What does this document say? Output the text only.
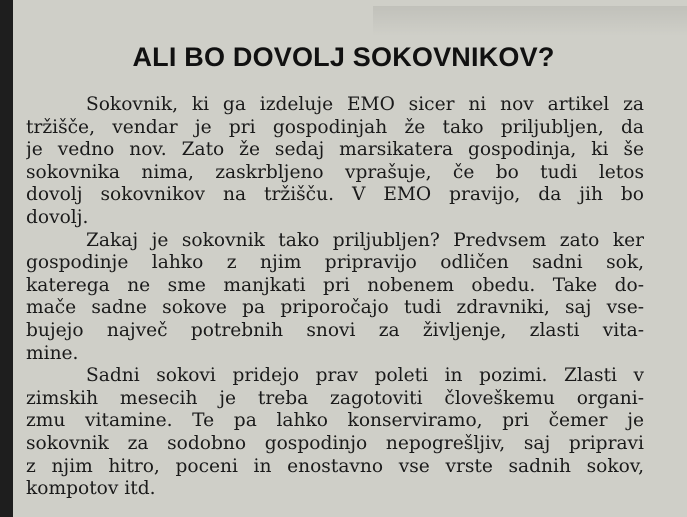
ALI BO DOVOLJ SOKOVNIKOV?
Sokovnik, ki ga izdeluje EMO sicer ni nov artikel za
tržišče, vendar je pri gospodinjah že tako priljubljen, da
je vedno nov. Zato že sedaj marsikatera gospodinja, ki še
sokovnika nima, zaskrbljeno vprašuje, če bo tudi letos
dovolj sokovnikov na tržišču. V EMO pravijo, da jih bo
dovolj.
Zakaj je sokovnik tako priljubljen? Predvsem zato ker
gospodinje lahko z njim pripravijo odličen sadni sok,
katerega ne sme manjkati pri nobenem obedu. Take do-
mače sadne sokove pa priporočajo tudi zdravniki, saj vse-
bujejo največ potrebnih snovi za življenje, zlasti vita-
mine.
Sadni sokovi pridejo prav poleti in pozimi. Zlasti v
zimskih mesecih je treba zagotoviti človeškemu organi-
zmu vitamine. Te pa lahko konserviramo, pri čemer je
sokovnik za sodobno gospodinjo nepogrešljiv, saj pripravi
z njim hitro, poceni in enostavno vse vrste sadnih sokov,
kompotov itd.
